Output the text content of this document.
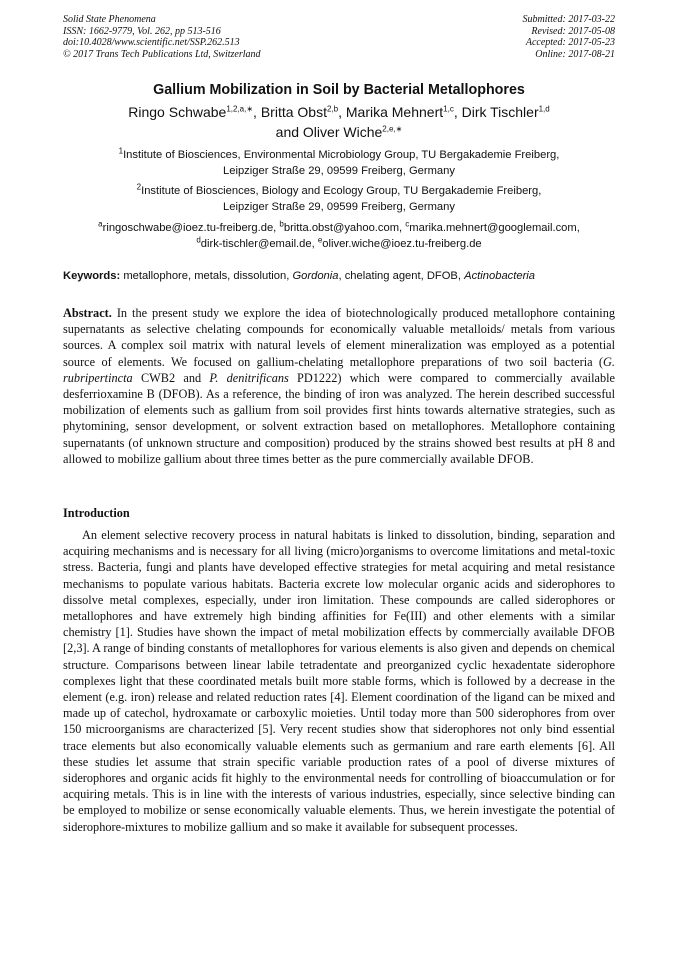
Solid State Phenomena
ISSN: 1662-9779, Vol. 262, pp 513-516
doi:10.4028/www.scientific.net/SSP.262.513
© 2017 Trans Tech Publications Ltd, Switzerland
Submitted: 2017-03-22
Revised: 2017-05-08
Accepted: 2017-05-23
Online: 2017-08-21
Gallium Mobilization in Soil by Bacterial Metallophores
Ringo Schwabe$^{1,2,a,∗}$, Britta Obst$^{2,b}$, Marika Mehnert$^{1,c}$, Dirk Tischler$^{1,d}$
and Oliver Wiche$^{2,e,∗}$
$^1$Institute of Biosciences, Environmental Microbiology Group, TU Bergakademie Freiberg,
Leipziger Straße 29, 09599 Freiberg, Germany
$^2$Institute of Biosciences, Biology and Ecology Group, TU Bergakademie Freiberg,
Leipziger Straße 29, 09599 Freiberg, Germany
$^a$ringoschwabe@ioez.tu-freiberg.de, $^b$britta.obst@yahoo.com, $^c$marika.mehnert@googlemail.com,
$^d$dirk-tischler@email.de, $^e$oliver.wiche@ioez.tu-freiberg.de
Keywords: metallophore, metals, dissolution, Gordonia, chelating agent, DFOB, Actinobacteria
Abstract. In the present study we explore the idea of biotechnologically produced metallophore containing supernatants as selective chelating compounds for economically valuable metalloids/ metals from various sources. A complex soil matrix with natural levels of element mineralization was employed as a potential source of elements. We focused on gallium-chelating metallophore preparations of two soil bacteria (G. rubripertincta CWB2 and P. denitrificans PD1222) which were compared to commercially available desferrioxamine B (DFOB). As a reference, the binding of iron was analyzed. The herein described successful mobilization of elements such as gallium from soil provides first hints towards alternative strategies, such as phytomining, sensor development, or solvent extraction based on metallophores. Metallophore containing supernatants (of unknown structure and composition) produced by the strains showed best results at pH 8 and allowed to mobilize gallium about three times better as the pure commercially available DFOB.
Introduction
An element selective recovery process in natural habitats is linked to dissolution, binding, separation and acquiring mechanisms and is necessary for all living (micro)organisms to overcome limitations and metal-toxic stress. Bacteria, fungi and plants have developed effective strategies for metal acquiring and metal resistance mechanisms to populate various habitats. Bacteria excrete low molecular organic acids and siderophores to dissolve metal complexes, especially, under iron limitation. These compounds are called siderophores or metallophores and have extremely high binding affinities for Fe(III) and other elements with a similar chemistry [1]. Studies have shown the impact of metal mobilization effects by commercially available DFOB [2,3]. A range of binding constants of metallophores for various elements is also given and depends on chemical structure. Comparisons between linear labile tetradentate and preorganized cyclic hexadentate siderophore complexes light that these coordinated metals built more stable forms, which is followed by a decrease in the element (e.g. iron) release and related reduction rates [4]. Element coordination of the ligand can be mixed and made up of catechol, hydroxamate or carboxylic moieties. Until today more than 500 siderophores from over 150 microorganisms are characterized [5]. Very recent studies show that siderophores not only bind essential trace elements but also economically valuable elements such as germanium and rare earth elements [6]. All these studies let assume that strain specific variable production rates of a pool of diverse mixtures of siderophores and organic acids fit highly to the environmental needs for controlling of bioaccumulation or for acquiring metals. This is in line with the interests of various industries, especially, since selective binding can be employed to mobilize or sense economically valuable elements. Thus, we herein investigate the potential of siderophore-mixtures to mobilize gallium and so make it available for subsequent processes.
